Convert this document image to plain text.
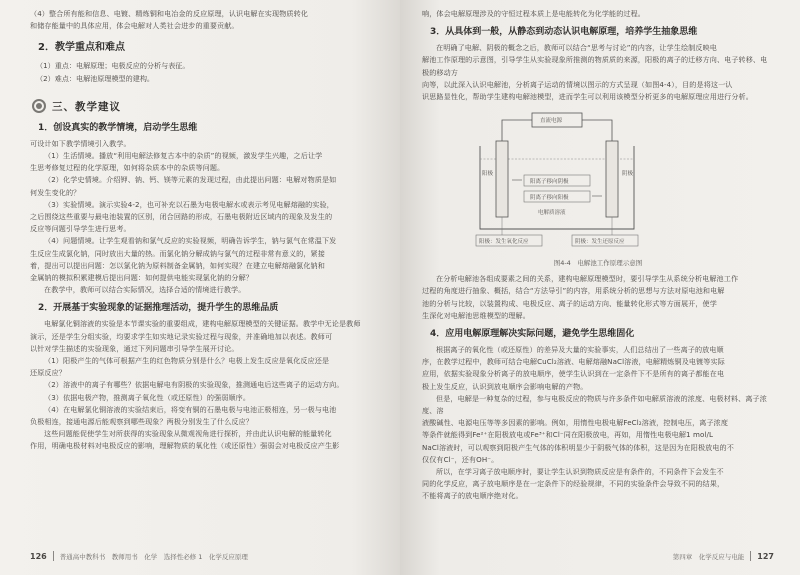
（4）整合所有能和信息、电镀、精炼铜和电冶金的反应原理，认识电解在实现物质转化

和储存能量中的具体应用，体会电解对人类社会进步的重要贡献。

2．教学重点和难点
（1）重点：电解原理；电极反应的分析与表征。
（2）难点：电解池原理模型的建构。
三、教学建议
1．创设真实的教学情境，启动学生思维

可设计如下教学情境引入教学。

（1）生活情境。播放“利用电解法修复古本中的杂质”的视频，激发学生兴趣，之后让学

生思考修复过程的化学原理，如何将杂质本中的杂质等问题。

（2）化学史情境。介绍钾、钠、钙、镁等元素的发现过程，由此提出问题：电解对物质是如

何发生变化的？

（3）实验情境。演示实验4-2，也可补充以石墨为电极电解水或表示考见电解熔融的实验，

之后围绕这些重要与最电池装置的区别，闭合回路的形成，石墨电极附近区域内的现象及发生的

反应等问题引导学生进行思考。

（4）问题情境。让学生观看钠和氯气反应的实验视频，明确告诉学生，钠与氯气在常温下发

生反应生成氯化钠，同时放出大量的热。而氯化钠分解成钠与氯气的过程非常有意义的，紧接

着，提出可以提出问题：怎以氯化钠为原料制备金属钠，如何实现？在建立电解熔融氯化钠和

金属钠的模拟积累建模后提出问题：如何提供电能实现氯化钠的分解？

在教学中，教师可以结合实际情况，选择合适的情境进行教学。

2．开展基于实验现象的证据推理活动，提升学生的思维品质

电解氯化铜溶液的实验是本节课实验的重要组成，建构电解原理模型的关键证据。教学中无论是教师

演示，还是学生分组实验，均要求学生如实地记录实验过程与现象，并准确地加以表述。教师可

以针对学生描述的实验现象，通过下列问题串引导学生展开讨论。

（1）阳极产生的气体可根据产生的红色物质分别是什么？电极上发生反应是氧化反应还是

还原反应？

（2）溶液中的离子有哪些？依据电解电有阴极的实验现象，推测通电后这些离子的运动方向。

（3）依据电极产物，推测离子氧化性（或还原性）的强弱顺序。

（4）在电解氯化铜溶液的实验结束后，将变有铜的石墨电极与电池正极相连，另一极与电池

负极相连，接通电源后能观察到哪些现象？两极分别发生了什么反应？

这些问题能促使学生对所获得的实验现象从微观视角进行探析，并由此认识电解的能量转化

作用，明确电极材料对电极反应的影响，理解物质的氧化性（或还原性）强弱会对电极反应产生影

126 普通高中教科书　教师用书　化学　选择性必修 1　化学反应原理

响，体会电解原理涉及的守恒过程本质上是电能转化为化学能的过程。

3．从具体到一般，从静态到动态认识电解原理，培养学生抽象思维

在明确了电解、阴极的概念之后，教师可以结合“思考与讨论”的内容，让学生绘制反映电

解池工作原理的示意图，引导学生从实验现象所推测的物质质的来源，阳极的离子的迁移方向、电子转移、电极的移动方

向等，以此深入认识电解池，分析离子运动的情境以图示的方式呈现（如图4-4），目的是将这一认

识思路显性化，帮助学生建构电解池模型，进而学生可以利用该模型分析更多的电解原理应用进行分析。

直流电源
阳极	阴极
阳离子移向阴极
阴离子移向阳极
电解质溶液
阳极：发生氧化反应	阴极：发生还原反应
图4-4　电解池工作原理示意图

在分析电解池各组成要素之间的关系，建构电解原理模型时，要引导学生从系统分析电解池工作

过程的角度进行抽象、概括，结合“方法导引”的内容，用系统分析的思想与方法对原电池和电解

池的分析与比较，以装置构成、电极反应、离子的运动方向、能量转化形式等方面展开，使学

生深化对电解池思维模型的理解。

4．应用电解原理解决实际问题，避免学生思维固化

根据离子的氧化性（或还原性）的差异及大量的实验事实，人们总结出了一些离子的放电顺

序，在教学过程中，教师可结合电解CuCl₂溶液、电解熔融NaCl溶液，电解精炼铜及电镀等实际

应用，依据实验现象分析离子的放电顺序，使学生认识到在一定条件下不是所有的离子都能在电

极上发生反应，认识到放电顺序会影响电解的产物。

但是，电解是一种复杂的过程，参与电极反应的物质与许多条件如电解质溶液的浓度、电极材料、离子浓度、溶

液酸碱性、电源电压等等多因素的影响。例如，用惰性电极电解FeCl₂溶液，控制电压，离子浓度

等条件就能得到Fe²⁺在阳极放电或Fe³⁺和Cl⁻同在阳极放电，再如，用惰性电极电解1 mol/L

NaCl溶液时，可以观察到阳极产生气体的体积明显少于阴极气体的体积，这是因为在阳极放电的不

仅仅有Cl⁻，还有OH⁻。

所以，在学习离子放电顺序时，要让学生认识到物质反应是有条件的，不同条件下会发生不

同的化学反应，离子放电顺序是在一定条件下的经验规律，不同的实验条件会导致不同的结果，

不能将离子的放电顺序绝对化。

第四章　化学反应与电能 127
